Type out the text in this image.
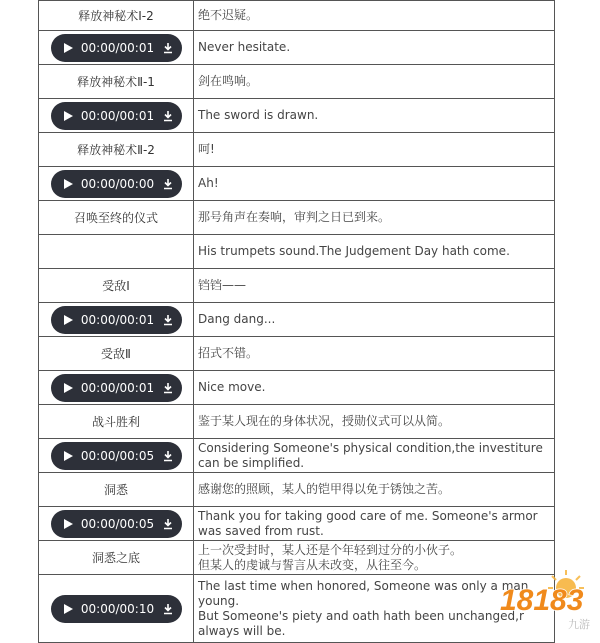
释放神秘术Ⅰ-2	绝不迟疑。

00:00/00:01	Never hesitate.
释放神秘术Ⅱ-1	剑在鸣响。

00:00/00:01	The sword is drawn.
释放神秘术Ⅱ-2	呵!

00:00/00:00	Ah!
召唤至终的仪式	那号角声在奏响，审判之日已到来。
	His trumpets sound.The Judgement Day hath come.
受敌Ⅰ	铛铛——

00:00/00:01	Dang dang...
受敌Ⅱ	招式不错。

00:00/00:01	Nice move.
战斗胜利	鉴于某人现在的身体状况，授勋仪式可以从简。

00:00/00:05	Considering Someone's physical condition,the investiture can be simplified.
洞悉	感谢您的照顾，某人的铠甲得以免于锈蚀之苦。

00:00/00:05	Thank you for taking good care of me. Someone's armor was saved from rust.
洞悉之底	上一次受封时，某人还是个年轻到过分的小伙子。
但某人的虔诚与誓言从未改变，从往至今。

00:00/00:10	The last time when honored, Someone was only a man
young.
But Someone's piety and oath hath been unchanged,r
always will be.
18183
九游
